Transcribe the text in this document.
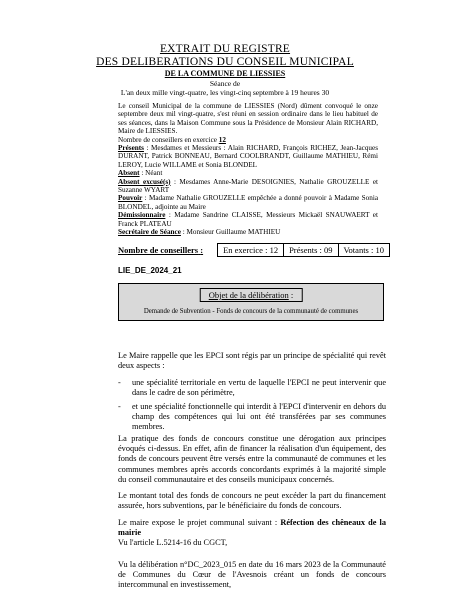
EXTRAIT DU REGISTRE
DES DELIBERATIONS DU CONSEIL MUNICIPAL
DE LA COMMUNE DE LIESSIES
Séance de
L'an deux mille vingt-quatre, les vingt-cinq septembre à 19 heures 30
Le conseil Municipal de la commune de LIESSIES (Nord) dûment convoqué le onze septembre deux mil vingt-quatre, s'est réuni en session ordinaire dans le lieu habituel de ses séances, dans la Maison Commune sous la Présidence de Monsieur Alain RICHARD, Maire de LIESSIES.
Nombre de conseillers en exercice 12
Présents : Mesdames et Messieurs : Alain RICHARD, François RICHEZ, Jean-Jacques DURANT, Patrick BONNEAU, Bernard COOLBRANDT, Guillaume MATHIEU, Rémi LEROY, Lucie WILLAME et Sonia BLONDEL
Absent : Néant
Absent excusé(s) : Mesdames Anne-Marie DESOIGNIES, Nathalie GROUZELLE et Suzanne WYART
Pouvoir : Madame Nathalie GROUZELLE empêchée a donné pouvoir à Madame Sonia BLONDEL, adjointe au Maire
Démissionnaire : Madame Sandrine CLAISSE, Messieurs Mickaël SNAUWAERT et Franck PLATEAU
Secrétaire de Séance : Monsieur Guillaume MATHIEU
Nombre de conseillers :	En exercice : 12	Présents : 09	Votants : 10
LIE_DE_2024_21
Objet de la délibération :
Demande de Subvention - Fonds de concours de la communauté de communes
Le Maire rappelle que les EPCI sont régis par un principe de spécialité qui revêt deux aspects :
-	une spécialité territoriale en vertu de laquelle l'EPCI ne peut intervenir que dans le cadre de son périmètre,
-	et une spécialité fonctionnelle qui interdit à l'EPCI d'intervenir en dehors du champ des compétences qui lui ont été transférées par ses communes membres.
La pratique des fonds de concours constitue une dérogation aux principes évoqués ci-dessus. En effet, afin de financer la réalisation d'un équipement, des fonds de concours peuvent être versés entre la communauté de communes et les communes membres après accords concordants exprimés à la majorité simple du conseil communautaire et des conseils municipaux concernés.
Le montant total des fonds de concours ne peut excéder la part du financement assurée, hors subventions, par le bénéficiaire du fonds de concours.
Le maire expose le projet communal suivant : Réfection des chêneaux de la mairie
Vu l'article L.5214-16 du CGCT,
Vu la délibération n°DC_2023_015 en date du 16 mars 2023 de la Communauté de Communes du Cœur de l'Avesnois créant un fonds de concours intercommunal en investissement,
